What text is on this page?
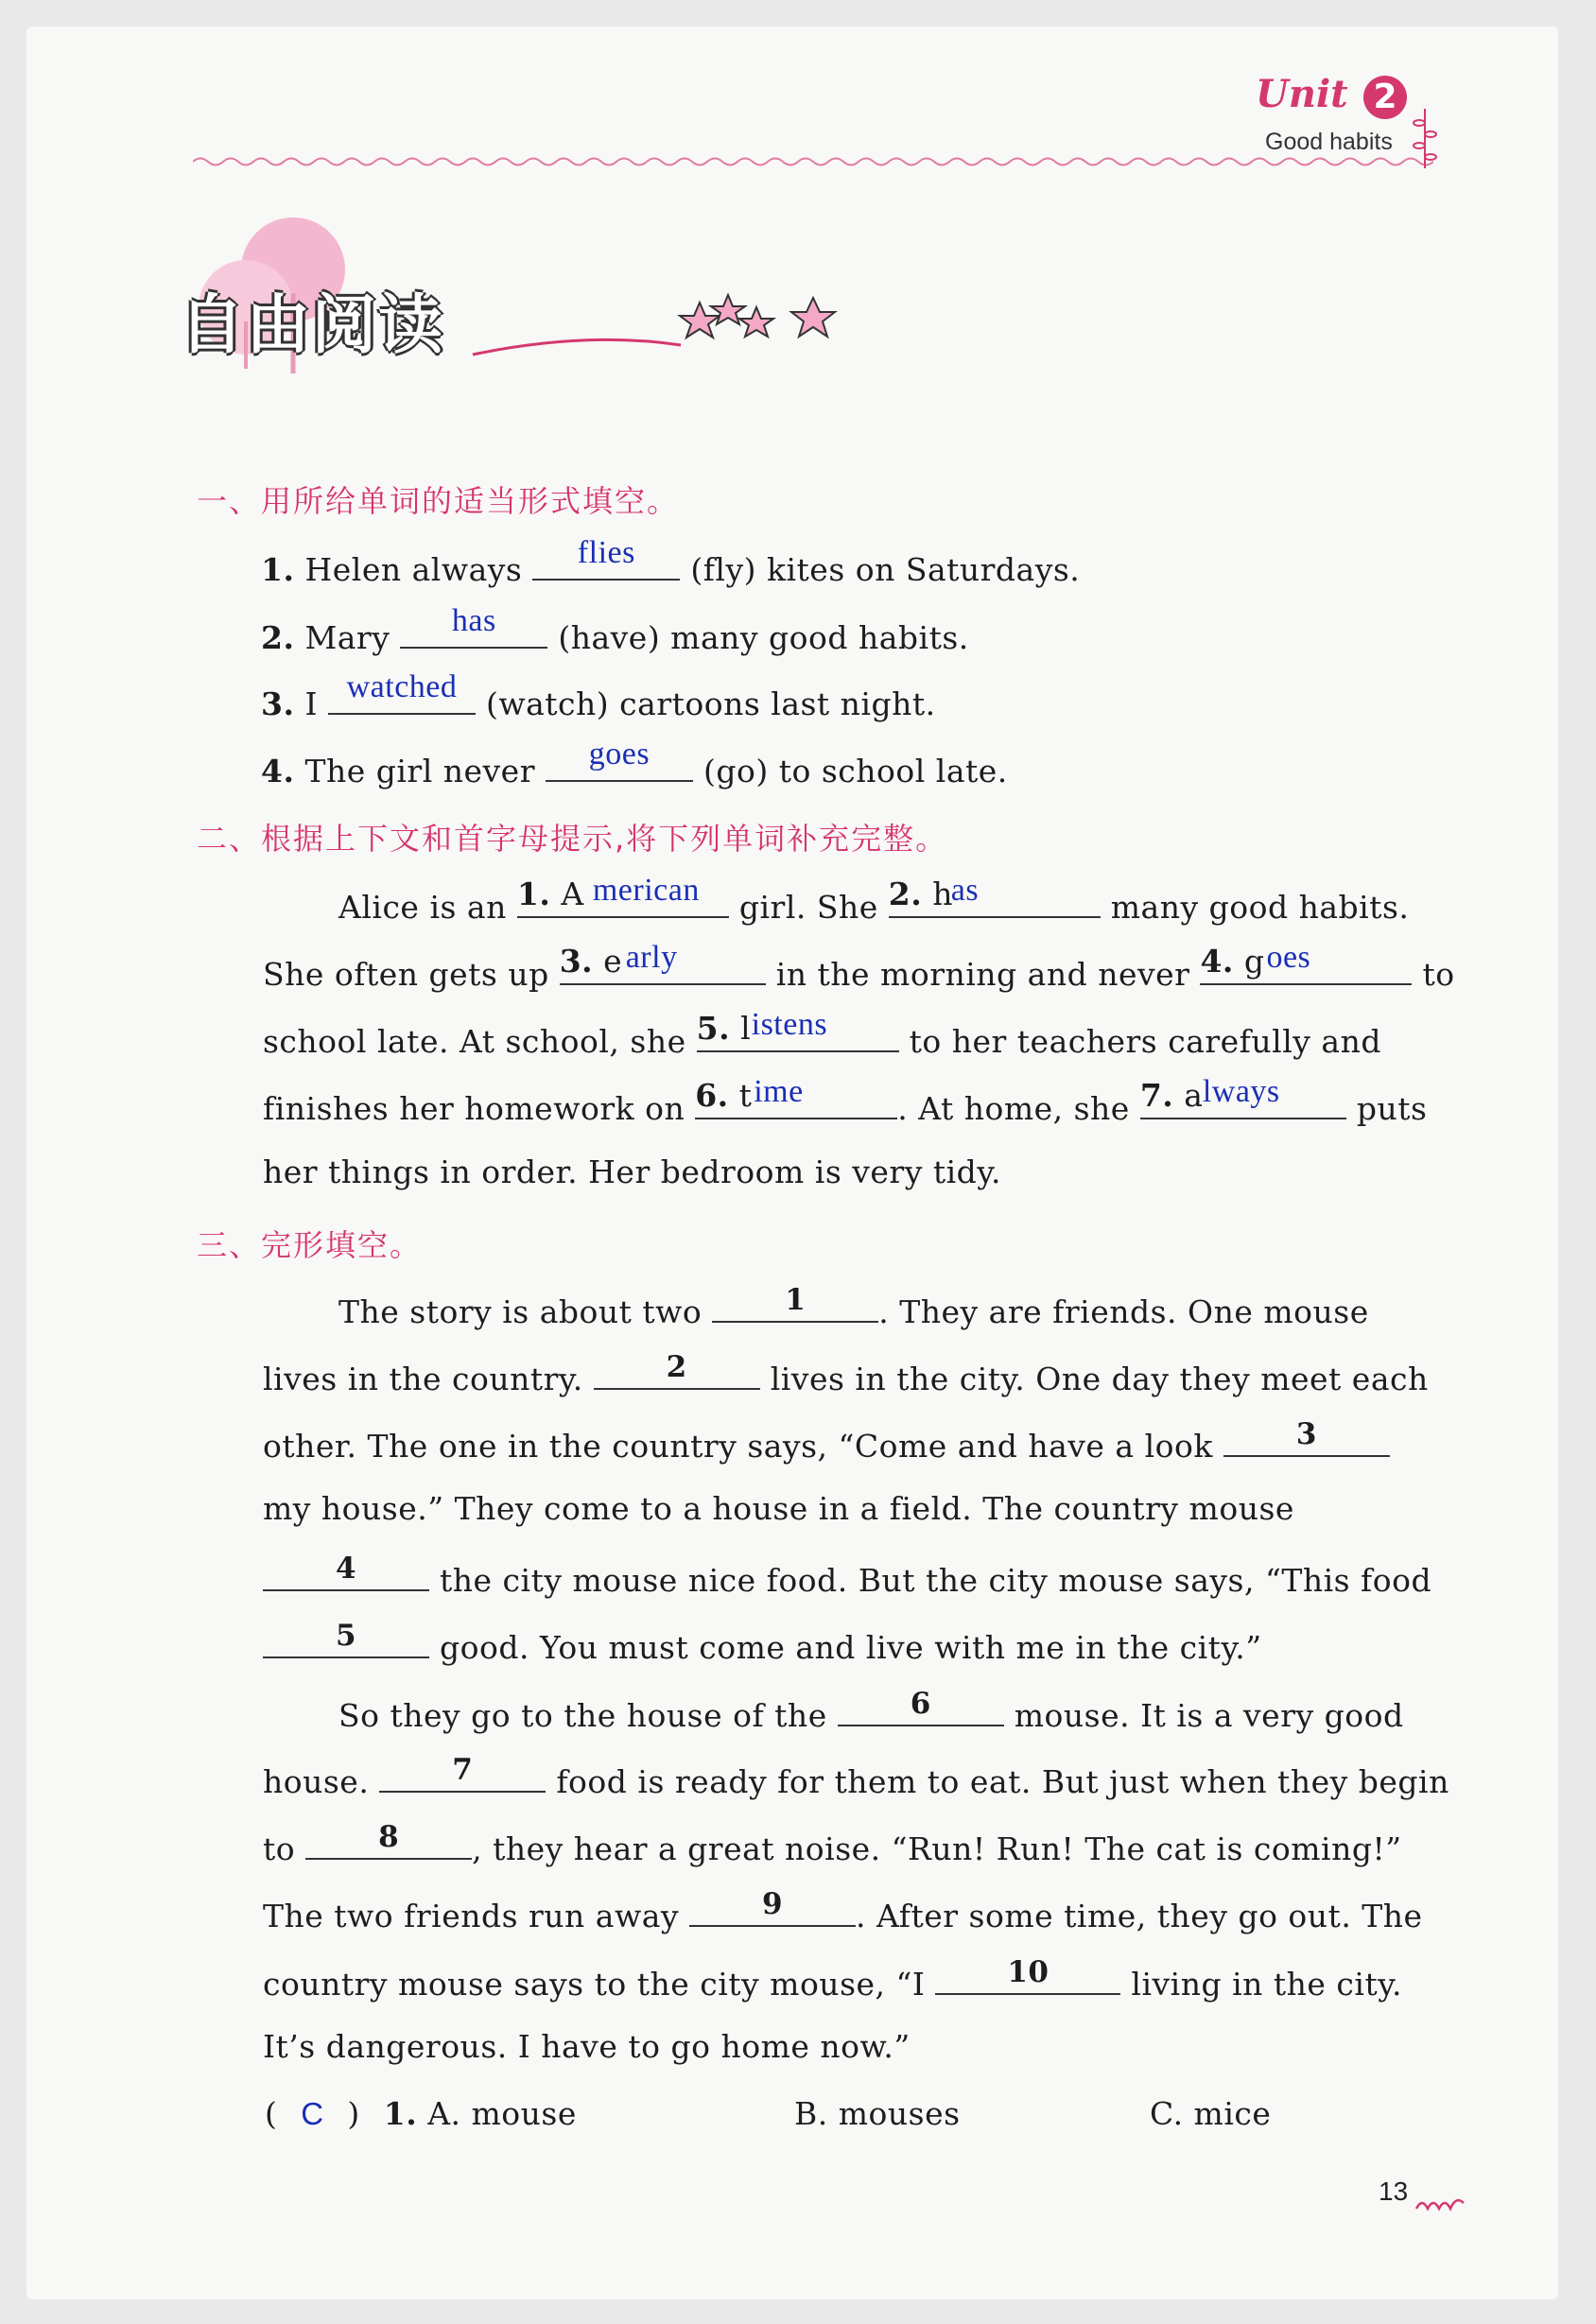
Unit 2
Good habits
自由阅读
一、用所给单词的适当形式填空。
1. Helen always	flies	(fly) kites on Saturdays.
2. Mary	has	(have) many good habits.
3. I watched (watch) cartoons last night.
4. The girl never	goes	(go) to school late.
二、根据上下文和首字母提示,将下列单词补充完整。
Alice is an 1. A merican girl. She 2. h
as	many good habits.
She often gets up 3. e arly	in the morning and never 4. g oes	to
school late. At school, she 5. l istens	to her teachers carefully and
finishes her homework on 6. t ime	. At home, she 7. a lways puts
her things in order. Her bedroom is very tidy.
三、完形填空。
The story is about two	1	. They are friends. One mouse
lives in the country.	2	lives in the city. One day they meet each
other. The one in the country says, “Come and have a look	3
my house.” They come to a house in a field. The country mouse
4	the city mouse nice food. But the city mouse says, “This food
5	good. You must come and live with me in the city.”
So they go to the house of the	6	mouse. It is a very good
house.	7	food is ready for them to eat. But just when they begin
to	8	, they hear a great noise. “Run! Run! The cat is coming!”
The two friends run away	9	. After some time, they go out. The
country mouse says to the city mouse, “I	10	living in the city.
It’s dangerous. I have to go home now.”
( C ) 1. A. mouse	B. mouses	C. mice
13
